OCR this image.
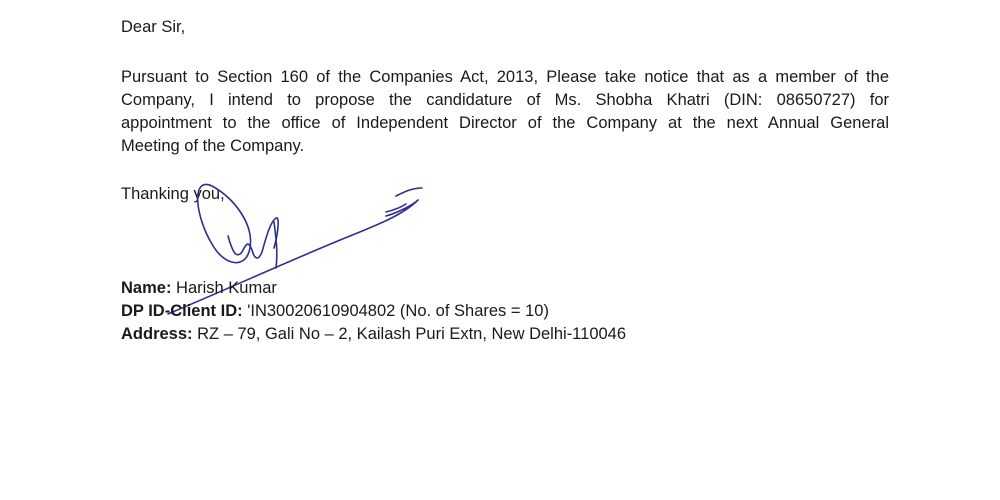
Dear Sir,
Pursuant to Section 160 of the Companies Act, 2013, Please take notice that as a member of the
Company, I intend to propose the candidature of Ms. Shobha Khatri (DIN: 08650727) for
appointment to the office of Independent Director of the Company at the next Annual General
Meeting of the Company.
Thanking you,
Name: Harish Kumar
DP ID-Client ID: 'IN30020610904802 (No. of Shares = 10)
Address: RZ – 79, Gali No – 2, Kailash Puri Extn, New Delhi-110046
